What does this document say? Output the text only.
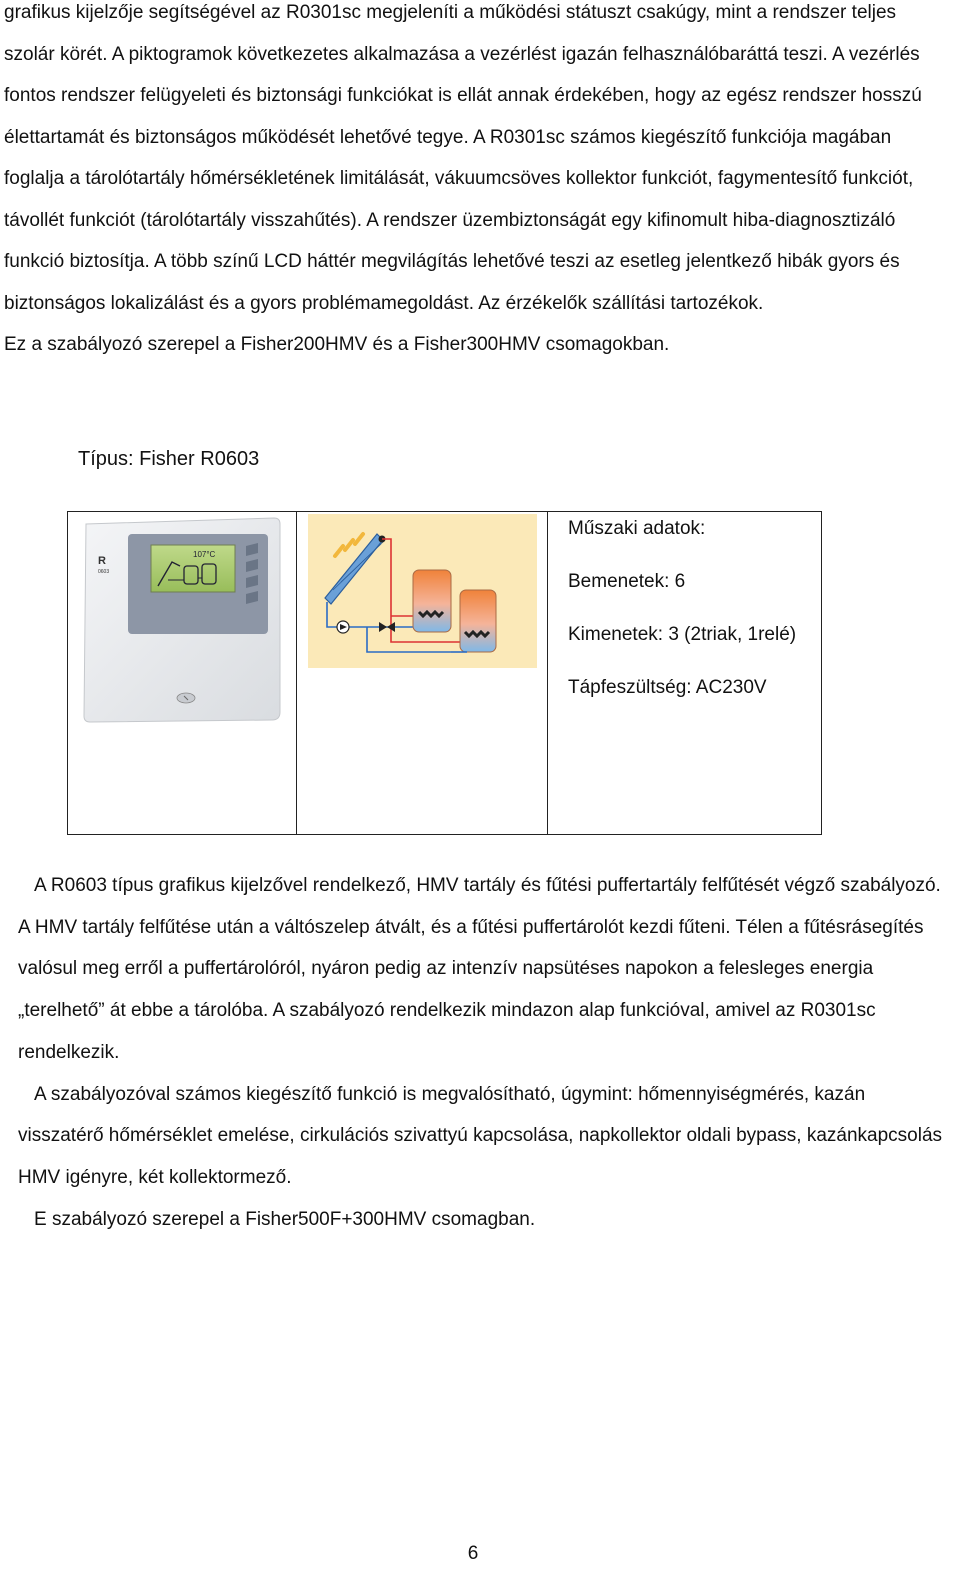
grafikus kijelzője segítségével az R0301sc megjeleníti a működési státuszt csakúgy, mint a rendszer teljes szolár körét. A piktogramok következetes alkalmazása a vezérlést igazán felhasználóbaráttá teszi. A vezérlés fontos rendszer felügyeleti és biztonsági funkciókat is ellát annak érdekében, hogy az egész rendszer hosszú élettartamát és biztonságos működését lehetővé tegye. A R0301sc számos kiegészítő funkciója magában foglalja a tárolótartály hőmérsékletének limitálását, vákuumcsöves kollektor funkciót, fagymentesítő funkciót, távollét funkciót (tárolótartály visszahűtés). A rendszer üzembiztonságát egy kifinomult hiba-diagnosztizáló funkció biztosítja. A több színű LCD háttér megvilágítás lehetővé teszi az esetleg jelentkező hibák gyors és biztonságos lokalizálást és a gyors problémamegoldást. Az érzékelők szállítási tartozékok.
Ez a szabályozó szerepel a Fisher200HMV és a Fisher300HMV csomagokban.

Típus: Fisher R0603

107°C
R
0603

Műszaki adatok:
Bemenetek: 6
Kimenetek: 3 (2triak, 1relé)
Tápfeszültség: AC230V

A R0603 típus grafikus kijelzővel rendelkező, HMV tartály és fűtési puffertartály felfűtését végző szabályozó. A HMV tartály felfűtése után a váltószelep átvált, és a fűtési puffertárolót kezdi fűteni. Télen a fűtésrásegítés valósul meg erről a puffertárolóról, nyáron pedig az intenzív napsütéses napokon a felesleges energia „terelhető” át ebbe a tárolóba. A szabályozó rendelkezik mindazon alap funkcióval, amivel az R0301sc rendelkezik.

A szabályozóval számos kiegészítő funkció is megvalósítható, úgymint: hőmennyiségmérés, kazán visszatérő hőmérséklet emelése, cirkulációs szivattyú kapcsolása, napkollektor oldali bypass, kazánkapcsolás HMV igényre, két kollektormező.

E szabályozó szerepel a Fisher500F+300HMV csomagban.

6
